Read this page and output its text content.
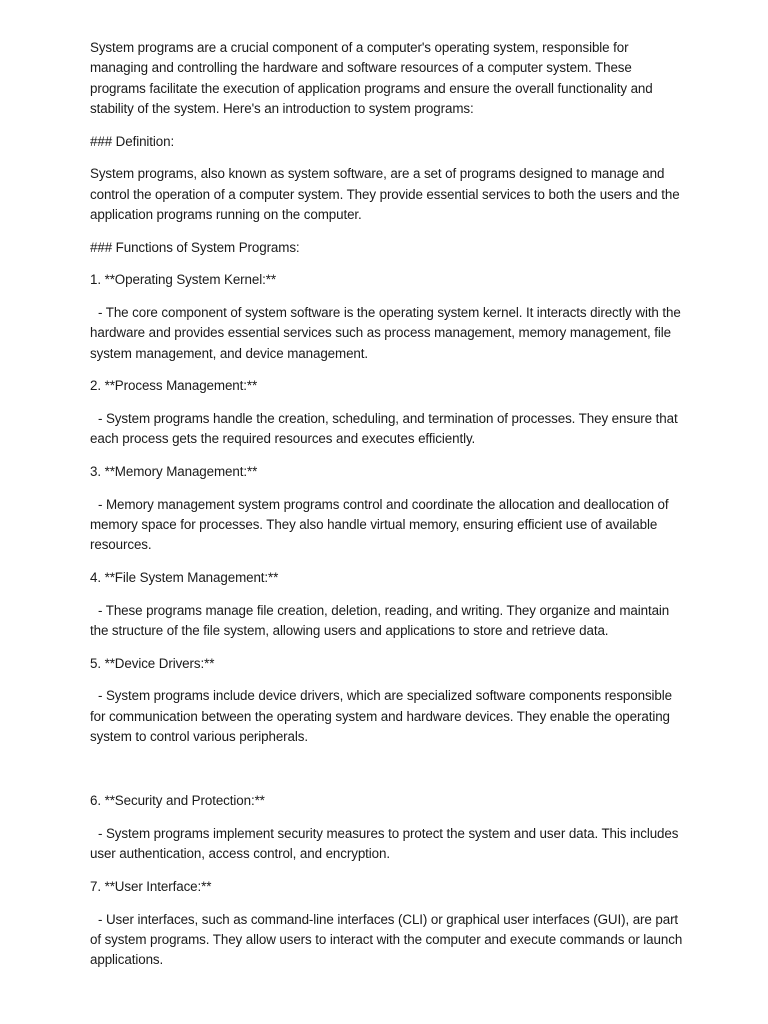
System programs are a crucial component of a computer's operating system, responsible for managing and controlling the hardware and software resources of a computer system. These programs facilitate the execution of application programs and ensure the overall functionality and stability of the system. Here's an introduction to system programs:

### Definition:

System programs, also known as system software, are a set of programs designed to manage and control the operation of a computer system. They provide essential services to both the users and the application programs running on the computer.

### Functions of System Programs:

1. **Operating System Kernel:**

- The core component of system software is the operating system kernel. It interacts directly with the hardware and provides essential services such as process management, memory management, file system management, and device management.

2. **Process Management:**

- System programs handle the creation, scheduling, and termination of processes. They ensure that each process gets the required resources and executes efficiently.

3. **Memory Management:**

- Memory management system programs control and coordinate the allocation and deallocation of memory space for processes. They also handle virtual memory, ensuring efficient use of available resources.

4. **File System Management:**

- These programs manage file creation, deletion, reading, and writing. They organize and maintain the structure of the file system, allowing users and applications to store and retrieve data.

5. **Device Drivers:**

- System programs include device drivers, which are specialized software components responsible for communication between the operating system and hardware devices. They enable the operating system to control various peripherals.

6. **Security and Protection:**

- System programs implement security measures to protect the system and user data. This includes user authentication, access control, and encryption.

7. **User Interface:**

- User interfaces, such as command-line interfaces (CLI) or graphical user interfaces (GUI), are part of system programs. They allow users to interact with the computer and execute commands or launch applications.
